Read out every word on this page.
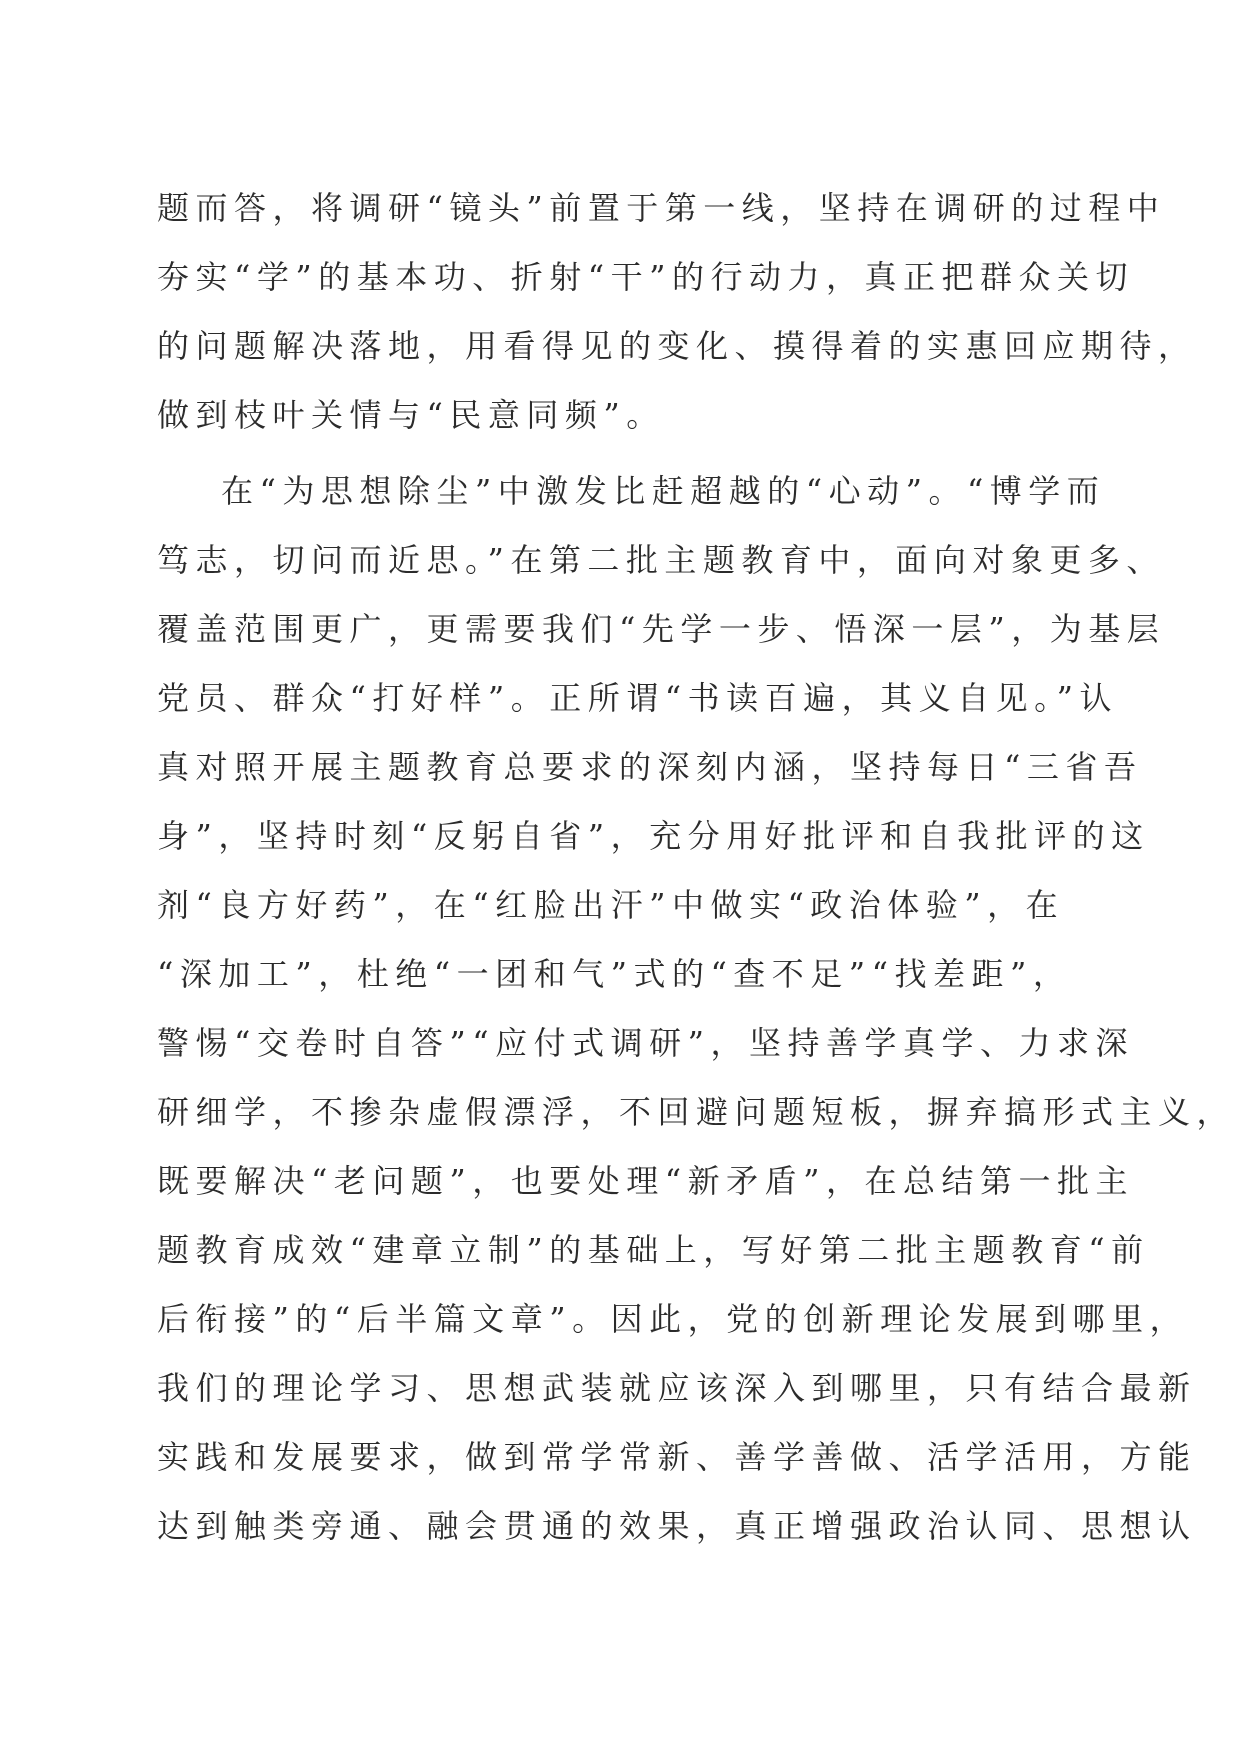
题而答，将调研“镜头”前置于第一线，坚持在调研的过程中
夯实“学”的基本功、折射“干”的行动力，真正把群众关切
的问题解决落地，用看得见的变化、摸得着的实惠回应期待，
做到枝叶关情与“民意同频”。
在“为思想除尘”中激发比赶超越的“心动”。“博学而
笃志，切问而近思。”在第二批主题教育中，面向对象更多、
覆盖范围更广，更需要我们“先学一步、悟深一层”，为基层
党员、群众“打好样”。正所谓“书读百遍，其义自见。”认
真对照开展主题教育总要求的深刻内涵，坚持每日“三省吾
身”，坚持时刻“反躬自省”，充分用好批评和自我批评的这
剂“良方好药”，在“红脸出汗”中做实“政治体验”，在
“深加工”，杜绝“一团和气”式的“查不足”“找差距”，
警惕“交卷时自答”“应付式调研”，坚持善学真学、力求深
研细学，不掺杂虚假漂浮，不回避问题短板，摒弃搞形式主义，
既要解决“老问题”，也要处理“新矛盾”，在总结第一批主
题教育成效“建章立制”的基础上，写好第二批主题教育“前
后衔接”的“后半篇文章”。因此，党的创新理论发展到哪里，
我们的理论学习、思想武装就应该深入到哪里，只有结合最新
实践和发展要求，做到常学常新、善学善做、活学活用，方能
达到触类旁通、融会贯通的效果，真正增强政治认同、思想认
